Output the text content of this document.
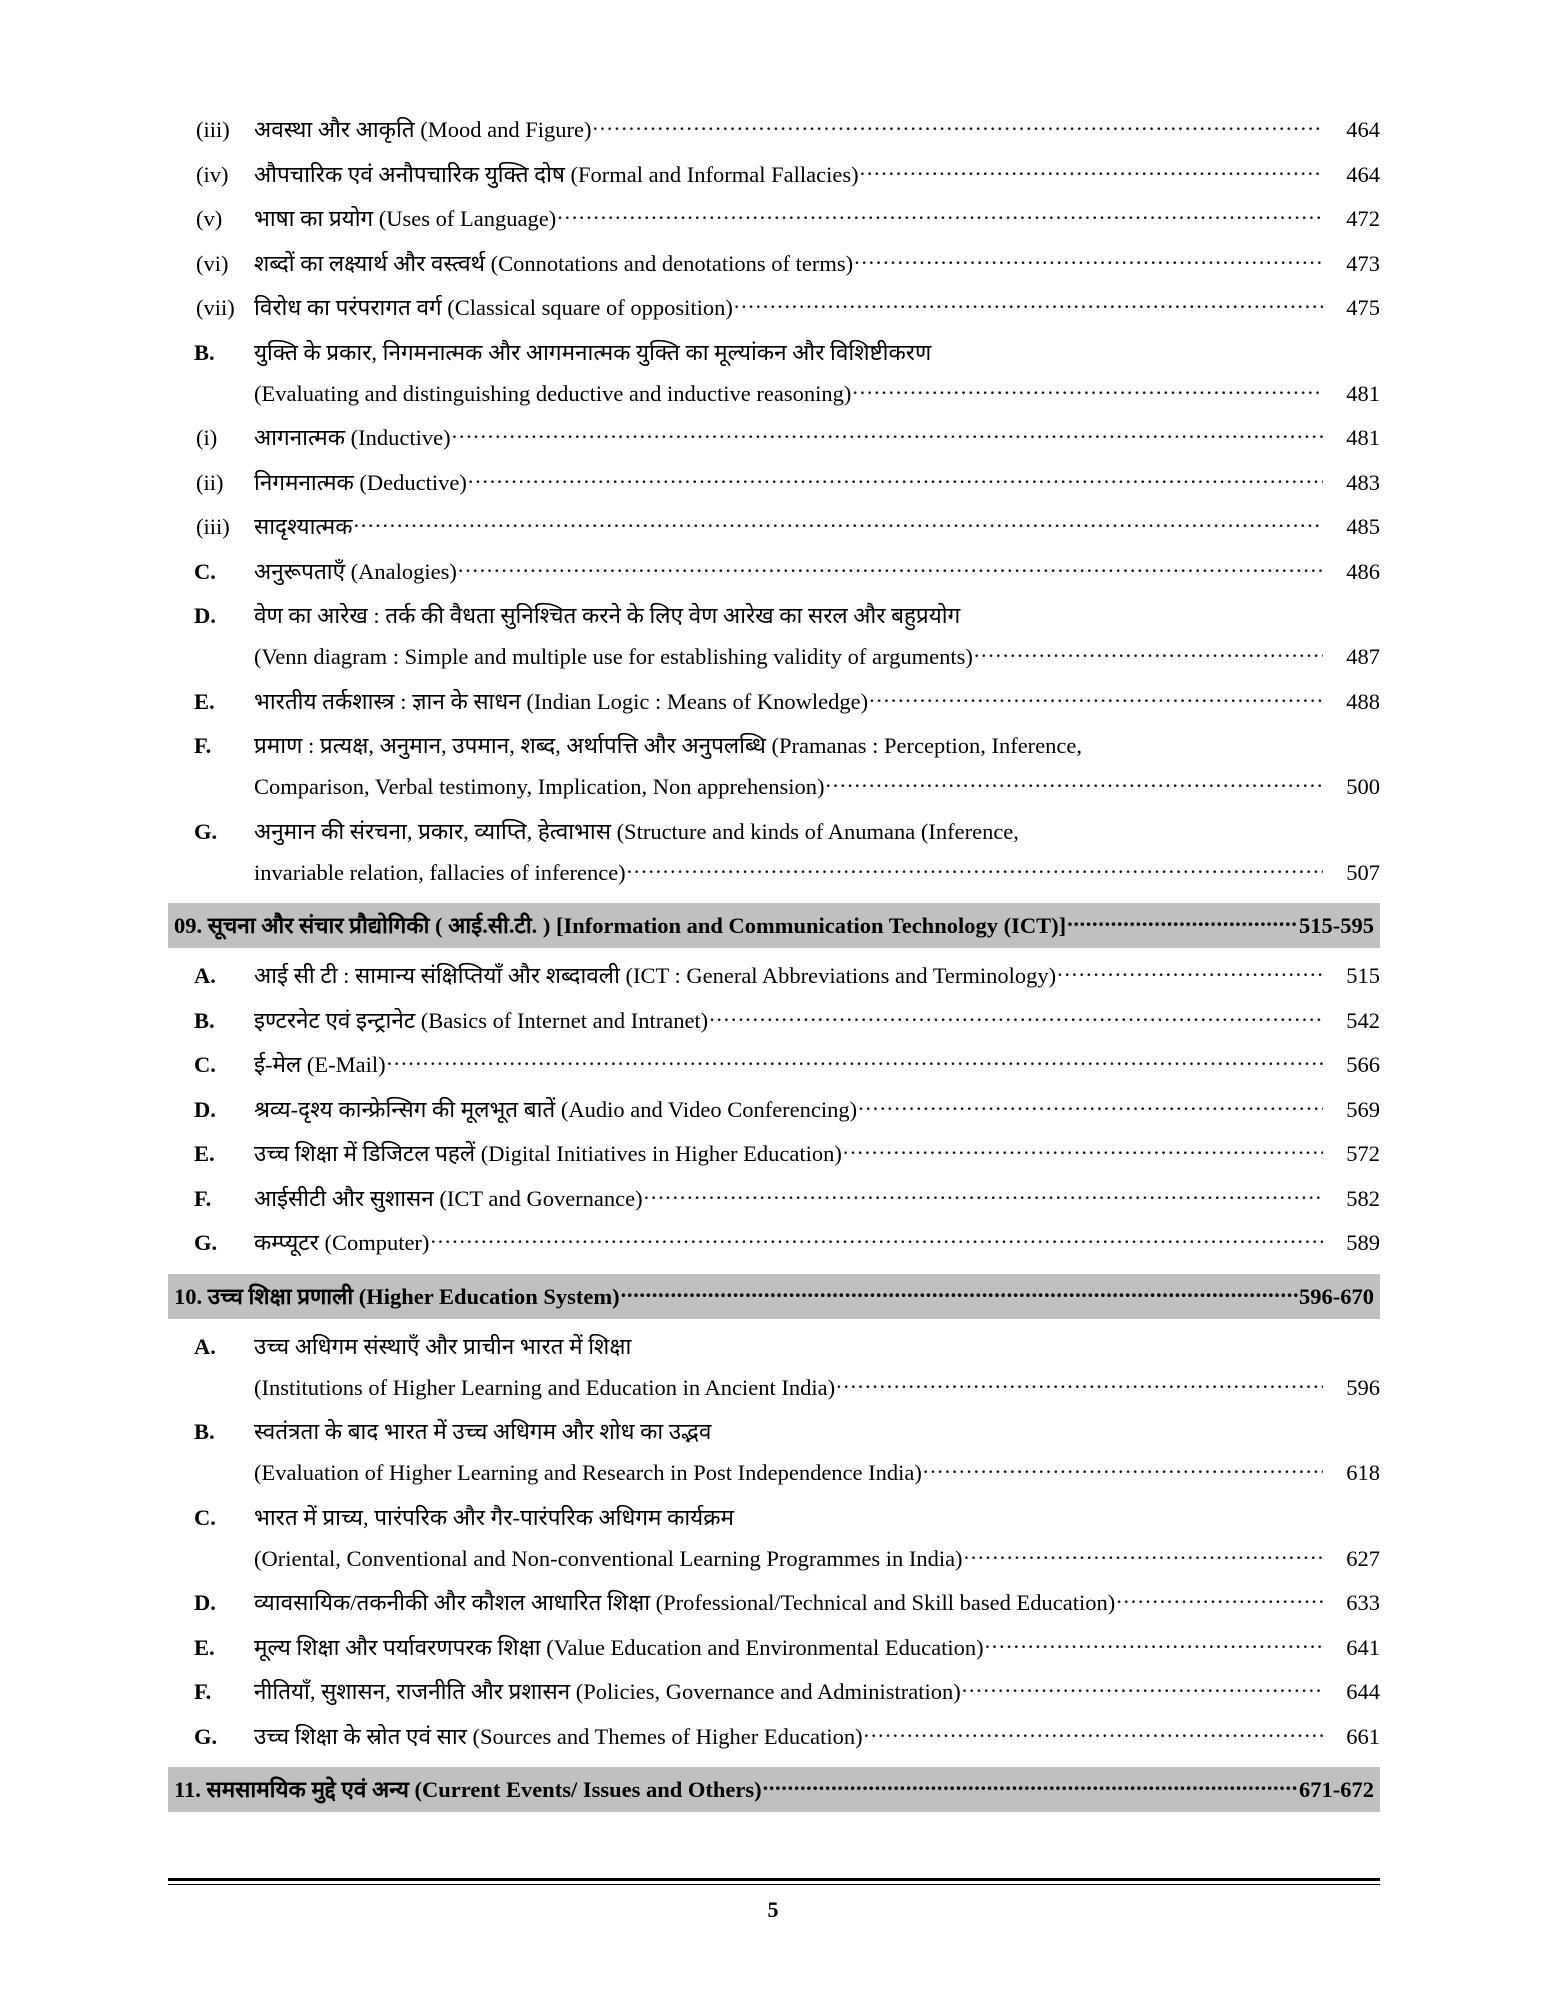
(iii)	अवस्था और आकृति (Mood and Figure) .....	464
(iv)	औपचारिक एवं अनौपचारिक युक्ति दोष (Formal and Informal Fallacies) .....	464
(v)	भाषा का प्रयोग (Uses of Language) .....	472
(vi)	शब्दों का लक्ष्यार्थ और वस्त्वर्थ (Connotations and denotations of terms) .....	473
(vii) विरोध का परंपरागत वर्ग (Classical square of opposition) .....	475
B.	युक्ति के प्रकार, निगमनात्मक और आगमनात्मक युक्ति का मूल्यांकन और विशिष्टीकरण
(Evaluating and distinguishing deductive and inductive reasoning) .....	481
(i)	आगनात्मक (Inductive) .....	481
(ii)	निगमनात्मक (Deductive) .....	483
(iii)	सादृश्यात्मक .....	485
C.	अनुरूपताएँ (Analogies) .....	486
D.	वेण का आरेख : तर्क की वैधता सुनिश्चित करने के लिए वेण आरेख का सरल और बहुप्रयोग
(Venn diagram : Simple and multiple use for establishing validity of arguments) .....	487
E.	भारतीय तर्कशास्त्र : ज्ञान के साधन (Indian Logic : Means of Knowledge) .....	488
F.	प्रमाण : प्रत्यक्ष, अनुमान, उपमान, शब्द, अर्थापत्ति और अनुपलब्धि (Pramanas : Perception, Inference,
Comparison, Verbal testimony, Implication, Non apprehension) .....	500
G.	अनुमान की संरचना, प्रकार, व्याप्ति, हेत्वाभास (Structure and kinds of Anumana (Inference,
invariable relation, fallacies of inference) .....	507
09. सूचना और संचार प्रौद्योगिकी ( आई.सी.टी. ) [Information and Communication Technology (ICT)] .....	515-595
A.	आई सी टी : सामान्य संक्षिप्तियाँ और शब्दावली (ICT : General Abbreviations and Terminology) .....	515
B.	इण्टरनेट एवं इन्ट्रानेट (Basics of Internet and Intranet) .....	542
C.	ई-मेल (E-Mail) .....	566
D.	श्रव्य-दृश्य कान्फ्रेन्सिग की मूलभूत बातें (Audio and Video Conferencing) .....	569
E.	उच्च शिक्षा में डिजिटल पहलें (Digital Initiatives in Higher Education) .....	572
F.	आईसीटी और सुशासन (ICT and Governance) .....	582
G.	कम्प्यूटर (Computer) .....	589
10. उच्च शिक्षा प्रणाली (Higher Education System) .....	596-670
A.	उच्च अधिगम संस्थाएँ और प्राचीन भारत में शिक्षा
(Institutions of Higher Learning and Education in Ancient India) .....	596
B.	स्वतंत्रता के बाद भारत में उच्च अधिगम और शोध का उद्भव
(Evaluation of Higher Learning and Research in Post Independence India) .....	618
C.	भारत में प्राच्य, पारंपरिक और गैर-पारंपरिक अधिगम कार्यक्रम
(Oriental, Conventional and Non-conventional Learning Programmes in India) .....	627
D.	व्यावसायिक/तकनीकी और कौशल आधारित शिक्षा (Professional/Technical and Skill based Education) .....	633
E.	मूल्य शिक्षा और पर्यावरणपरक शिक्षा (Value Education and Environmental Education) .....	641
F.	नीतियाँ, सुशासन, राजनीति और प्रशासन (Policies, Governance and Administration) .....	644
G.	उच्च शिक्षा के स्रोत एवं सार (Sources and Themes of Higher Education) .....	661
11. समसामयिक मुद्दे एवं अन्य (Current Events/ Issues and Others) .....	671-672
5
